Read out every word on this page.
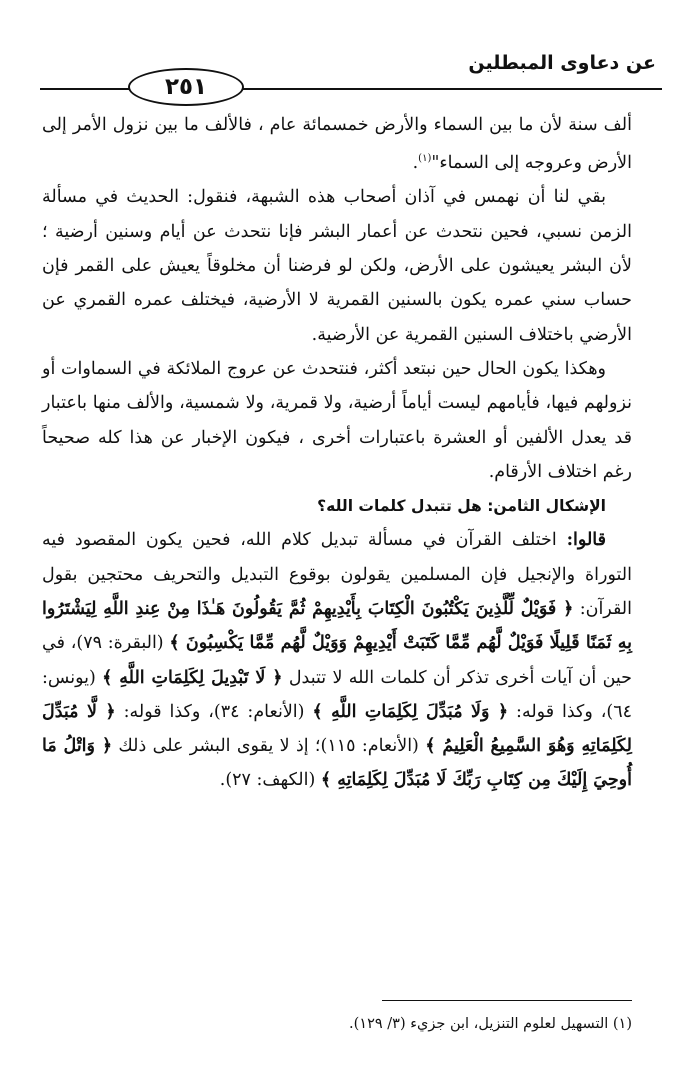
٢٥١
عن دعاوى المبطلين

ألف سنة لأن ما بين السماء والأرض خمسمائة عام ، فالألف ما بين نزول الأمر إلى الأرض وعروجه إلى السماء"$^{(١)}$.

بقي لنا أن نهمس في آذان أصحاب هذه الشبهة، فنقول: الحديث في مسألة الزمن نسبي، فحين نتحدث عن أعمار البشر فإنا نتحدث عن أيام وسنين أرضية ؛ لأن البشر يعيشون على الأرض، ولكن لو فرضنا أن مخلوقاً يعيش على القمر فإن حساب سني عمره يكون بالسنين القمرية لا الأرضية، فيختلف عمره القمري عن الأرضي باختلاف السنين القمرية عن الأرضية.

وهكذا يكون الحال حين نبتعد أكثر، فنتحدث عن عروج الملائكة في السماوات أو نزولهم فيها، فأيامهم ليست أياماً أرضية، ولا قمرية، ولا شمسية، والألف منها باعتبار قد يعدل الألفين أو العشرة باعتبارات أخرى ، فيكون الإخبار عن هذا كله صحيحاً رغم اختلاف الأرقام.

الإشكال الثامن: هل تتبدل كلمات الله؟

قالوا: اختلف القرآن في مسألة تبديل كلام الله، فحين يكون المقصود فيه التوراة والإنجيل فإن المسلمين يقولون بوقوع التبديل والتحريف محتجين بقول القرآن: ﴿ فَوَيْلٌ لِّلَّذِينَ يَكْتُبُونَ الْكِتَابَ بِأَيْدِيهِمْ ثُمَّ يَقُولُونَ هَـٰذَا مِنْ عِندِ اللَّهِ لِيَشْتَرُوا بِهِ ثَمَنًا قَلِيلًا فَوَيْلٌ لَّهُم مِّمَّا كَتَبَتْ أَيْدِيهِمْ وَوَيْلٌ لَّهُم مِّمَّا يَكْسِبُونَ ﴾ (البقرة: ٧٩)، في حين أن آيات أخرى تذكر أن كلمات الله لا تتبدل ﴿ لَا تَبْدِيلَ لِكَلِمَاتِ اللَّهِ ﴾ (يونس: ٦٤)، وكذا قوله: ﴿ وَلَا مُبَدِّلَ لِكَلِمَاتِ اللَّهِ ﴾ (الأنعام: ٣٤)، وكذا قوله: ﴿ لَّا مُبَدِّلَ لِكَلِمَاتِهِ وَهُوَ السَّمِيعُ الْعَلِيمُ ﴾ (الأنعام: ١١٥)؛ إذ لا يقوى البشر على ذلك ﴿ وَاتْلُ مَا أُوحِيَ إِلَيْكَ مِن كِتَابِ رَبِّكَ لَا مُبَدِّلَ لِكَلِمَاتِهِ ﴾ (الكهف: ٢٧).

(١) التسهيل لعلوم التنزيل، ابن جزيء (٣/ ١٢٩).
